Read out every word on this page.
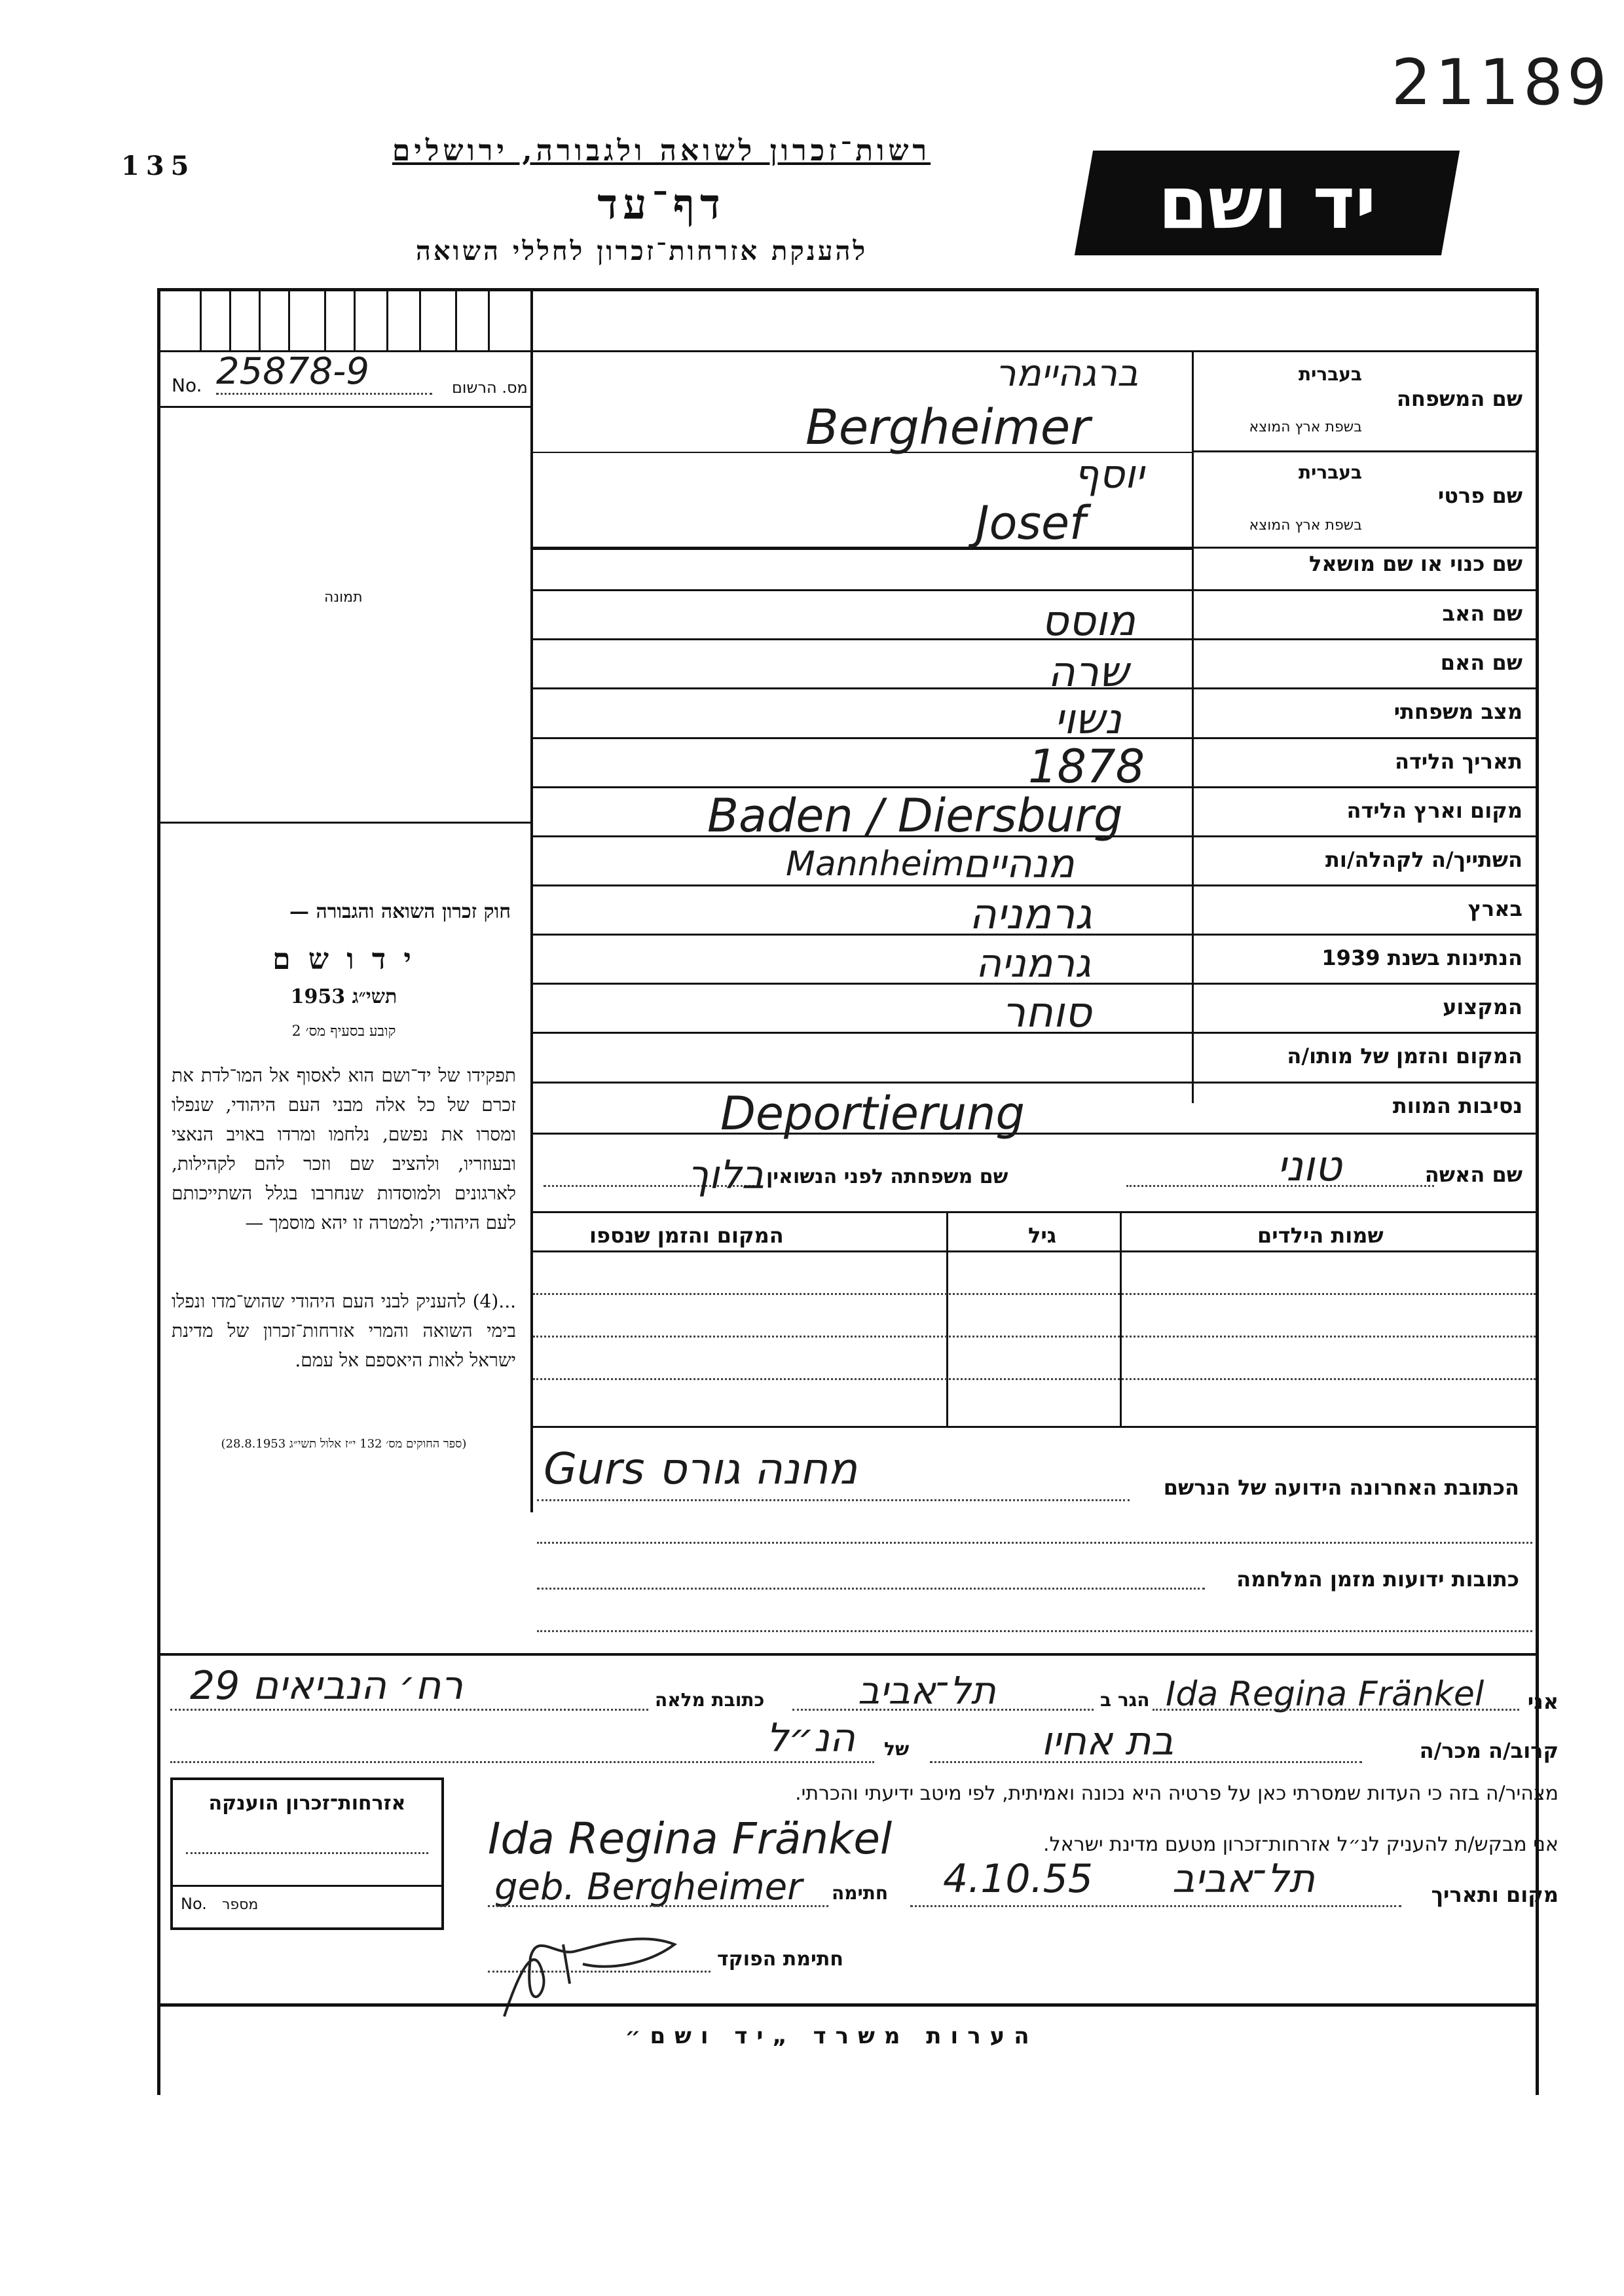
21189
135	רשות־זכרון לשואה ולגבורה, ירושלים
דף־עד
להענקת אזרחות־זכרון לחללי השואה
יד ושם
מס. הרשום
No. 25878-9
תמונה
חוק זכרון השואה והגבורה —
י ד ו ש ם
תשי״ג 1953
קובע בסעיף מס׳ 2
תפקידו של יד־ושם הוא לאסוף אל המו־לדת את זכרם של כל אלה מבני העם היהודי, שנפלו ומסרו את נפשם, נלחמו ומרדו באויב הנאצי ובעוזריו, ולהציב שם וזכר להם לקהילות, לארגונים ולמוסדות שנחרבו בגלל השתייכותם לעם היהודי; ולמטרה זו יהא מוסמך —
...(4) להעניק לבני העם היהודי שהוש־מדו ונפלו בימי השואה והמרי אזרחות־זכרון של מדינת ישראל לאות היאספם אל עמם.
(ספר החוקים מס׳ 132 י״ז אלול תשי״ג 28.8.1953)
שם המשפחה
בעברית
בשפת ארץ המוצא
שם פרטי
בעברית
בשפת ארץ המוצא
שם כנוי או שם מושאל
שם האב
שם האם
מצב משפחתי
תאריך הלידה
מקום וארץ הלידה
השתייך/ה לקהלה/ות
בארץ
הנתינות בשנת 1939
המקצוע
המקום והזמן של מותו/ה
נסיבות המוות
ברגהיימר
Bergheimer
יוסף
Josef
מוסס
שרה
נשוי
1878
Baden / Diersburg
Mannheim
מנהיים
גרמניה
גרמניה
סוחר
Deportierung
שם האשה
טוני
שם משפחתה לפני הנשואין
בלוך
שמות הילדים
גיל
המקום והזמן שנספו
הכתובת האחרונה הידועה של הנרשם
מחנה גורס Gurs
כתובות ידועות מזמן המלחמה
אני
Ida Regina Fränkel
הגר ב
תל־אביב
כתובת מלאה
רח׳ הנביאים 29
קרוב/ה מכר/ה
בת אחיו
של
הנ״ל
מצהיר/ה בזה כי העדות שמסרתי כאן על פרטיה היא נכונה ואמיתית, לפי מיטב ידיעתי והכרתי.
אני מבקש/ת להעניק לנ״ל אזרחות־זכרון מטעם מדינת ישראל.
Ida Regina Fränkel
geb. Bergheimer חתימה 4.10.55 תל־אביב	מקום ותאריך
חתימת הפוקד
אזרחות־זכרון הוענקה
No. מספר
הערות משרד „יד ושם״
